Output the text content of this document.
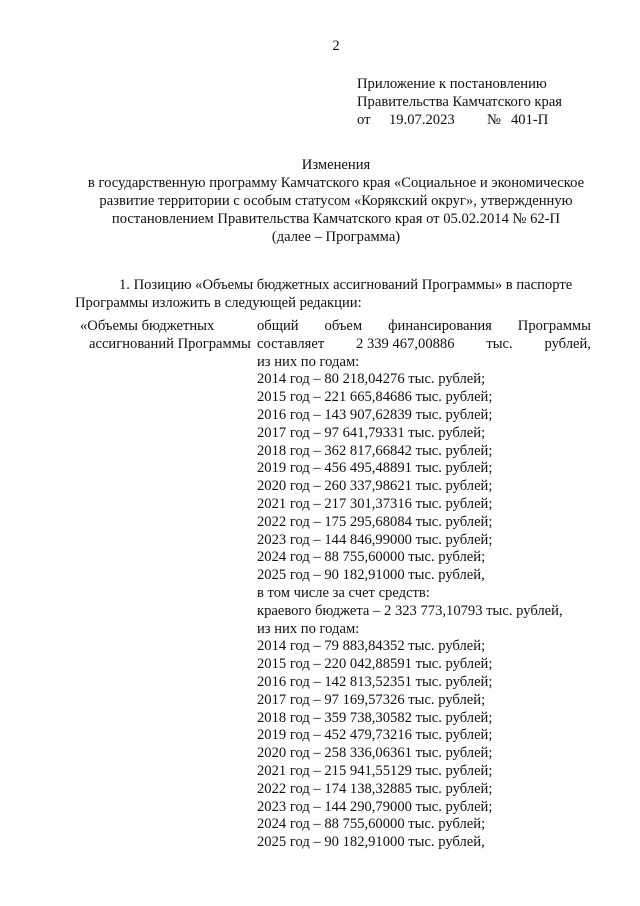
2
Приложение к постановлению
Правительства Камчатского края
от 19.07.2023 № 401-П
Изменения
в государственную программу Камчатского края «Социальное и экономическое
развитие территории с особым статусом «Корякский округ», утвержденную
постановлением Правительства Камчатского края от 05.02.2014 № 62-П
(далее – Программа)
1. Позицию «Объемы бюджетных ассигнований Программы» в паспорте
Программы изложить в следующей редакции:
«Объемы бюджетных
ассигнований Программы
общий объем финансирования Программы
составляет 2 339 467,00886 тыс. рублей,
из них по годам:
2014 год – 80 218,04276 тыс. рублей;
2015 год – 221 665,84686 тыс. рублей;
2016 год – 143 907,62839 тыс. рублей;
2017 год – 97 641,79331 тыс. рублей;
2018 год – 362 817,66842 тыс. рублей;
2019 год – 456 495,48891 тыс. рублей;
2020 год – 260 337,98621 тыс. рублей;
2021 год – 217 301,37316 тыс. рублей;
2022 год – 175 295,68084 тыс. рублей;
2023 год – 144 846,99000 тыс. рублей;
2024 год – 88 755,60000 тыс. рублей;
2025 год – 90 182,91000 тыс. рублей,
в том числе за счет средств:
краевого бюджета – 2 323 773,10793 тыс. рублей,
из них по годам:
2014 год – 79 883,84352 тыс. рублей;
2015 год – 220 042,88591 тыс. рублей;
2016 год – 142 813,52351 тыс. рублей;
2017 год – 97 169,57326 тыс. рублей;
2018 год – 359 738,30582 тыс. рублей;
2019 год – 452 479,73216 тыс. рублей;
2020 год – 258 336,06361 тыс. рублей;
2021 год – 215 941,55129 тыс. рублей;
2022 год – 174 138,32885 тыс. рублей;
2023 год – 144 290,79000 тыс. рублей;
2024 год – 88 755,60000 тыс. рублей;
2025 год – 90 182,91000 тыс. рублей,
